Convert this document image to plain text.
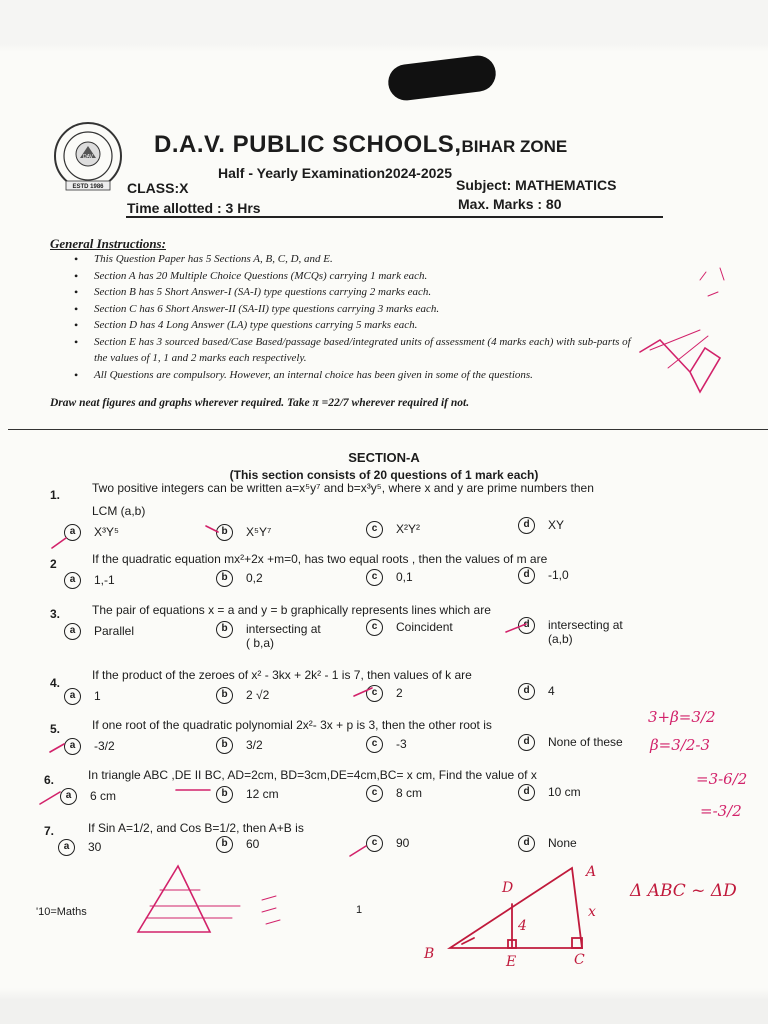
DAV
ESTD 1986
D.A.V. PUBLIC SCHOOLS,BIHAR ZONE
Half - Yearly Examination2024-2025
CLASS:X	Subject: MATHEMATICS
Time allotted : 3 Hrs	Max. Marks : 80
General Instructions:
• This Question Paper has 5 Sections A, B, C, D, and E.
• Section A has 20 Multiple Choice Questions (MCQs) carrying 1 mark each.
• Section B has 5 Short Answer-I (SA-I) type questions carrying 2 marks each.
• Section C has 6 Short Answer-II (SA-II) type questions carrying 3 marks each.
• Section D has 4 Long Answer (LA) type questions carrying 5 marks each.
• Section E has 3 sourced based/Case Based/passage based/integrated units of assessment (4 marks each) with sub-parts of the values of 1, 1 and 2 marks each respectively.
• All Questions are compulsory. However, an internal choice has been given in some of the questions.
Draw neat figures and graphs wherever required. Take π =22/7 wherever required if not.
SECTION-A
(This section consists of 20 questions of 1 mark each)
1.	Two positive integers can be written a=x⁵y⁷ and b=x³y⁵, where x and y are prime numbers then
LCM (a,b)
a	X³Y⁵	b	X⁵Y⁷	c	X²Y²	d	XY
2	If the quadratic equation mx²+2x +m=0, has two equal roots , then the values of m are
a	1,-1	b	0,2	c	0,1	d	-1,0
3.	The pair of equations x = a and y = b graphically represents lines which are
a	Parallel	b	intersecting at
( b,a)
c	Coincident	d	intersecting at
(a,b)
4.
If the product of the zeroes of x² - 3kx + 2k² - 1 is 7, then values of k are
a	1	b	2 √2	c	2	d	4
5.	If one root of the quadratic polynomial 2x²- 3x + p is 3, then the other root is
a	-3/2	b	3/2	c	-3	d	None of these
6.	In triangle ABC ,DE II BC, AD=2cm, BD=3cm,DE=4cm,BC= x cm, Find the value of x
a	6 cm	b	12 cm	c	8 cm	d	10 cm
7.	If Sin A=1/2, and Cos B=1/2, then A+B is
a	30	b	60	c	90	d	None
'10=Maths	1
3+β=3/2
β=3/2-3
=3-6/2
=-3/2
Δ ABC ~ ΔD
A
B	C
D
E
x
4
